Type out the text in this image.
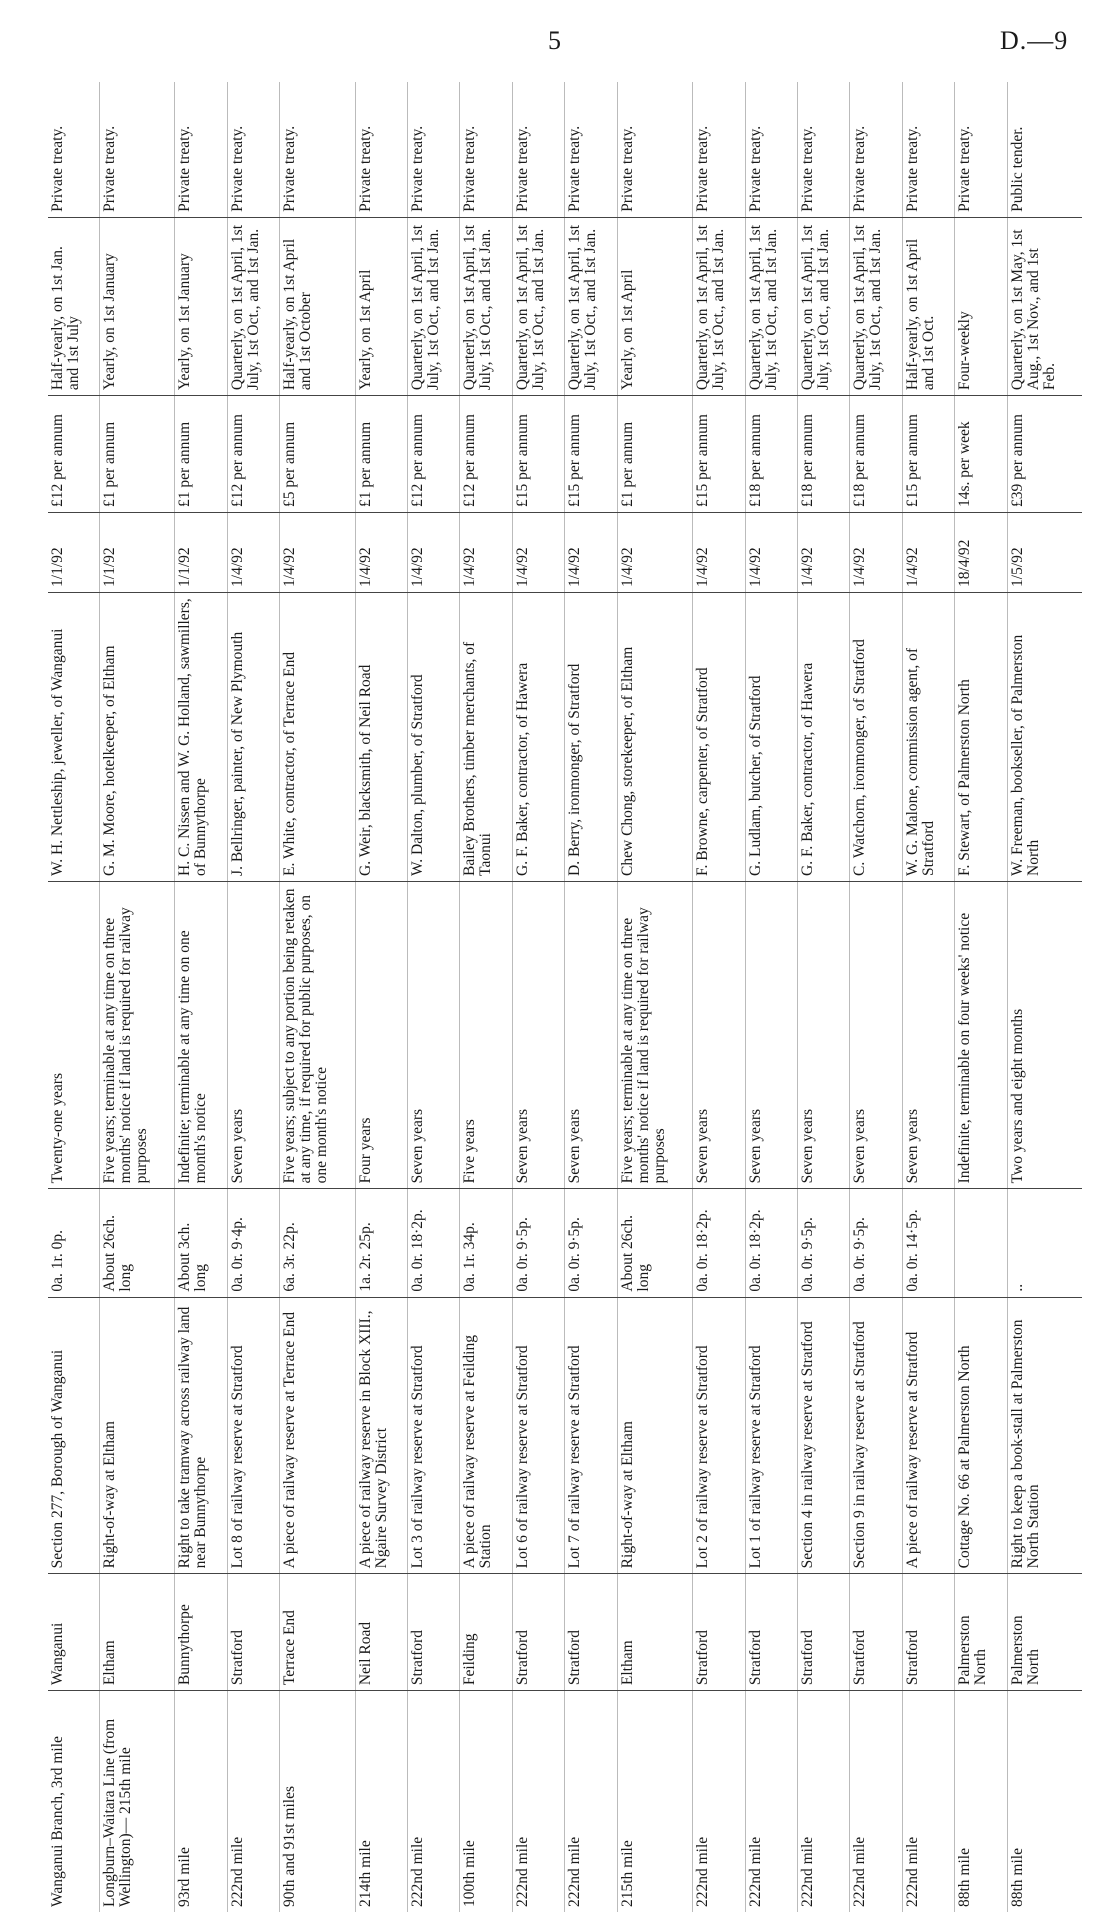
5	D.—9
Wanganui Branch, 3rd mile	Wanganui	Section 277, Borough of Wanganui	0a. 1r. 0p.	Twenty-one years	W. H. Nettleship, jeweller, of Wanganui	1/1/92	£12 per annum	Half-yearly, on 1st Jan. and 1st July	Private treaty.
Longburn–Waitara Line (from Wellington)— 215th mile	Eltham	Right-of-way at Eltham	About 26ch. long	Five years; terminable at any time on three months' notice if land is required for railway purposes	G. M. Moore, hotelkeeper, of Eltham	1/1/92	£1 per annum	Yearly, on 1st January	Private treaty.
93rd mile	Bunnythorpe	Right to take tramway across railway land near Bunnythorpe	About 3ch. long	Indefinite; terminable at any time on one month's notice	H. C. Nissen and W. G. Holland, sawmillers, of Bunnythorpe	1/1/92	£1 per annum	Yearly, on 1st January	Private treaty.
222nd mile	Stratford	Lot 8 of railway reserve at Stratford	0a. 0r. 9·4p.	Seven years	J. Bellringer, painter, of New Plymouth	1/4/92	£12 per annum	Quarterly, on 1st April, 1st July, 1st Oct., and 1st Jan.	Private treaty.
90th and 91st miles	Terrace End	A piece of railway reserve at Terrace End	6a. 3r. 22p.	Five years; subject to any portion being retaken at any time, if required for public purposes, on one month's notice	E. White, contractor, of Terrace End	1/4/92	£5 per annum	Half-yearly, on 1st April and 1st October	Private treaty.
214th mile	Neil Road	A piece of railway reserve in Block XIII., Ngaire Survey District	1a. 2r. 25p.	Four years	G. Weir, blacksmith, of Neil Road	1/4/92	£1 per annum	Yearly, on 1st April	Private treaty.
222nd mile	Stratford	Lot 3 of railway reserve at Stratford	0a. 0r. 18·2p.	Seven years	W. Dalton, plumber, of Stratford	1/4/92	£12 per annum	Quarterly, on 1st April, 1st July, 1st Oct., and 1st Jan.	Private treaty.
100th mile	Feilding	A piece of railway reserve at Feilding Station	0a. 1r. 34p.	Five years	Bailey Brothers, timber merchants, of Taonui	1/4/92	£12 per annum	Quarterly, on 1st April, 1st July, 1st Oct., and 1st Jan.	Private treaty.
222nd mile	Stratford	Lot 6 of railway reserve at Stratford	0a. 0r. 9·5p.	Seven years	G. F. Baker, contractor, of Hawera	1/4/92	£15 per annum	Quarterly, on 1st April, 1st July, 1st Oct., and 1st Jan.	Private treaty.
222nd mile	Stratford	Lot 7 of railway reserve at Stratford	0a. 0r. 9·5p.	Seven years	D. Berry, ironmonger, of Stratford	1/4/92	£15 per annum	Quarterly, on 1st April, 1st July, 1st Oct., and 1st Jan.	Private treaty.
215th mile	Eltham	Right-of-way at Eltham	About 26ch. long	Five years; terminable at any time on three months' notice if land is required for railway purposes	Chew Chong, storekeeper, of Eltham	1/4/92	£1 per annum	Yearly, on 1st April	Private treaty.
222nd mile	Stratford	Lot 2 of railway reserve at Stratford	0a. 0r. 18·2p.	Seven years	F. Browne, carpenter, of Stratford	1/4/92	£15 per annum	Quarterly, on 1st April, 1st July, 1st Oct., and 1st Jan.	Private treaty.
222nd mile	Stratford	Lot 1 of railway reserve at Stratford	0a. 0r. 18·2p.	Seven years	G. Ludlam, butcher, of Stratford	1/4/92	£18 per annum	Quarterly, on 1st April, 1st July, 1st Oct., and 1st Jan.	Private treaty.
222nd mile	Stratford	Section 4 in railway reserve at Stratford	0a. 0r. 9·5p.	Seven years	G. F. Baker, contractor, of Hawera	1/4/92	£18 per annum	Quarterly, on 1st April, 1st July, 1st Oct., and 1st Jan.	Private treaty.
222nd mile	Stratford	Section 9 in railway reserve at Stratford	0a. 0r. 9·5p.	Seven years	C. Watchorn, ironmonger, of Stratford	1/4/92	£18 per annum	Quarterly, on 1st April, 1st July, 1st Oct., and 1st Jan.	Private treaty.
222nd mile	Stratford	A piece of railway reserve at Stratford	0a. 0r. 14·5p.	Seven years	W. G. Malone, commission agent, of Stratford	1/4/92	£15 per annum	Half-yearly, on 1st April and 1st Oct.	Private treaty.
88th mile	Palmerston North	Cottage No. 66 at Palmerston North		Indefinite, terminable on four weeks' notice	F. Stewart, of Palmerston North	18/4/92	14s. per week	Four-weekly	Private treaty.
88th mile	Palmerston North	Right to keep a book-stall at Palmerston North Station	..	Two years and eight months	W. Freeman, bookseller, of Palmerston North	1/5/92	£39 per annum	Quarterly, on 1st May, 1st Aug., 1st Nov., and 1st Feb.	Public tender.
